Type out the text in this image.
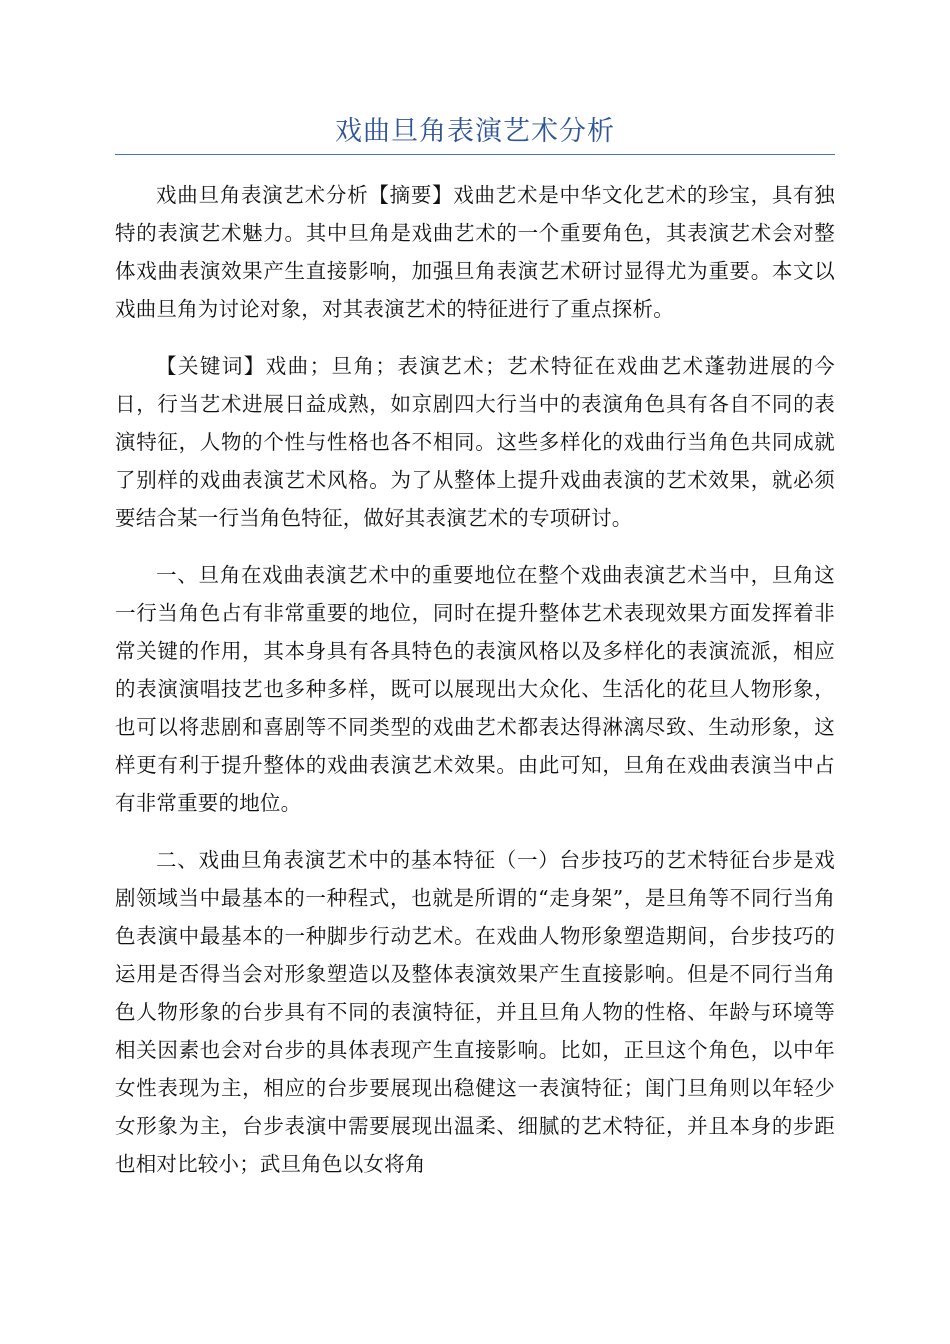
戏曲旦角表演艺术分析

戏曲旦角表演艺术分析【摘要】戏曲艺术是中华文化艺术的珍宝，具有独特的表演艺术魅力。其中旦角是戏曲艺术的一个重要角色，其表演艺术会对整体戏曲表演效果产生直接影响，加强旦角表演艺术研讨显得尤为重要。本文以戏曲旦角为讨论对象，对其表演艺术的特征进行了重点探析。

【关键词】戏曲；旦角；表演艺术；艺术特征在戏曲艺术蓬勃进展的今日，行当艺术进展日益成熟，如京剧四大行当中的表演角色具有各自不同的表演特征，人物的个性与性格也各不相同。这些多样化的戏曲行当角色共同成就了别样的戏曲表演艺术风格。为了从整体上提升戏曲表演的艺术效果，就必须要结合某一行当角色特征，做好其表演艺术的专项研讨。

一、旦角在戏曲表演艺术中的重要地位在整个戏曲表演艺术当中，旦角这一行当角色占有非常重要的地位，同时在提升整体艺术表现效果方面发挥着非常关键的作用，其本身具有各具特色的表演风格以及多样化的表演流派，相应的表演演唱技艺也多种多样，既可以展现出大众化、生活化的花旦人物形象，也可以将悲剧和喜剧等不同类型的戏曲艺术都表达得淋漓尽致、生动形象，这样更有利于提升整体的戏曲表演艺术效果。由此可知，旦角在戏曲表演当中占有非常重要的地位。

二、戏曲旦角表演艺术中的基本特征（一）台步技巧的艺术特征台步是戏剧领域当中最基本的一种程式，也就是所谓的“走身架”，是旦角等不同行当角色表演中最基本的一种脚步行动艺术。在戏曲人物形象塑造期间，台步技巧的运用是否得当会对形象塑造以及整体表演效果产生直接影响。但是不同行当角色人物形象的台步具有不同的表演特征，并且旦角人物的性格、年龄与环境等相关因素也会对台步的具体表现产生直接影响。比如，正旦这个角色，以中年女性表现为主，相应的台步要展现出稳健这一表演特征；闺门旦角则以年轻少女形象为主，台步表演中需要展现出温柔、细腻的艺术特征，并且本身的步距也相对比较小；武旦角色以女将角
